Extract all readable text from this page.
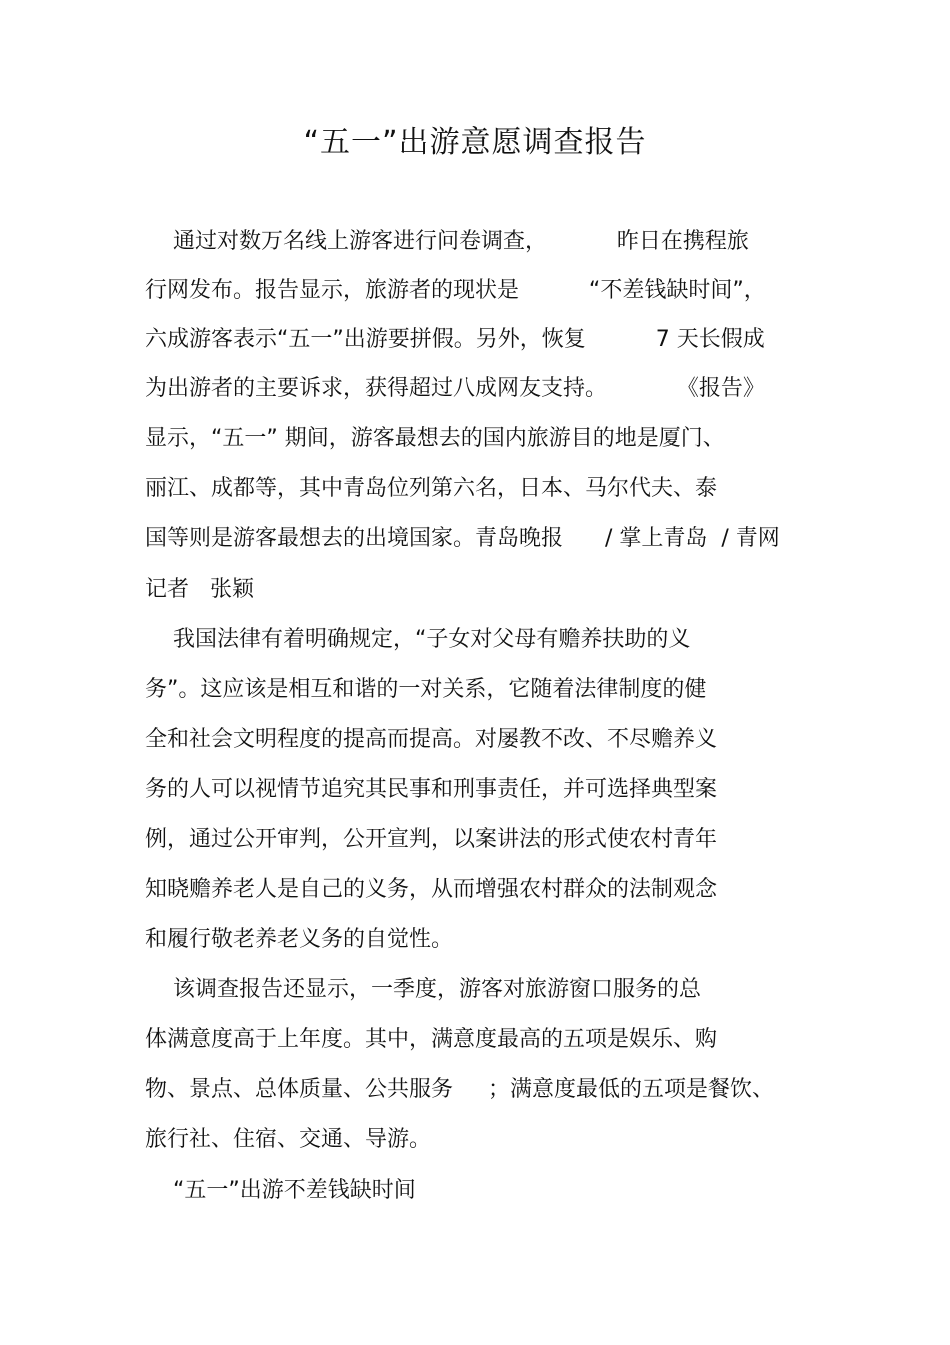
“五一”出游意愿调查报告
通过对数万名线上游客进行问卷调查，          昨日在携程旅
行网发布。报告显示，旅游者的现状是          “不差钱缺时间”，
六成游客表示“五一”出游要拼假。另外，恢复          7 天长假成
为出游者的主要诉求，获得超过八成网友支持。          《报告》
显示，“五一” 期间，游客最想去的国内旅游目的地是厦门、
丽江、成都等，其中青岛位列第六名，日本、马尔代夫、泰
国等则是游客最想去的出境国家。青岛晚报      / 掌上青岛  / 青网
记者   张颖
我国法律有着明确规定，“子女对父母有赡养扶助的义
务”。这应该是相互和谐的一对关系，它随着法律制度的健
全和社会文明程度的提高而提高。对屡教不改、不尽赡养义
务的人可以视情节追究其民事和刑事责任，并可选择典型案
例，通过公开审判，公开宣判，以案讲法的形式使农村青年
知晓赡养老人是自己的义务，从而增强农村群众的法制观念
和履行敬老养老义务的自觉性。
该调查报告还显示，一季度，游客对旅游窗口服务的总
体满意度高于上年度。其中，满意度最高的五项是娱乐、购
物、景点、总体质量、公共服务     ；满意度最低的五项是餐饮、
旅行社、住宿、交通、导游。
“五一”出游不差钱缺时间
